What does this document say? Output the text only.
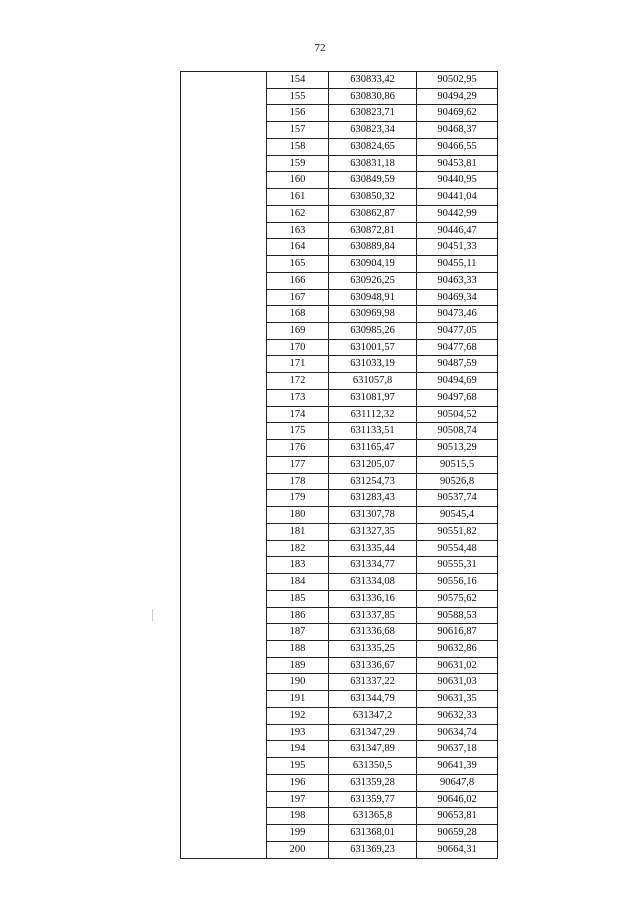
72
154	630833,42	90502,95
155	630830,86	90494,29
156	630823,71	90469,62
157	630823,34	90468,37
158	630824,65	90466,55
159	630831,18	90453,81
160	630849,59	90440,95
161	630850,32	90441,04
162	630862,87	90442,99
163	630872,81	90446,47
164	630889,84	90451,33
165	630904,19	90455,11
166	630926,25	90463,33
167	630948,91	90469,34
168	630969,98	90473,46
169	630985,26	90477,05
170	631001,57	90477,68
171	631033,19	90487,59
172	631057,8	90494,69
173	631081,97	90497,68
174	631112,32	90504,52
175	631133,51	90508,74
176	631165,47	90513,29
177	631205,07	90515,5
178	631254,73	90526,8
179	631283,43	90537,74
180	631307,78	90545,4
181	631327,35	90551,82
182	631335,44	90554,48
183	631334,77	90555,31
184	631334,08	90556,16
185	631336,16	90575,62
186	631337,85	90588,53
187	631336,68	90616,87
188	631335,25	90632,86
189	631336,67	90631,02
190	631337,22	90631,03
191	631344,79	90631,35
192	631347,2	90632,33
193	631347,29	90634,74
194	631347,89	90637,18
195	631350,5	90641,39
196	631359,28	90647,8
197	631359,77	90646,02
198	631365,8	90653,81
199	631368,01	90659,28
200	631369,23	90664,31
